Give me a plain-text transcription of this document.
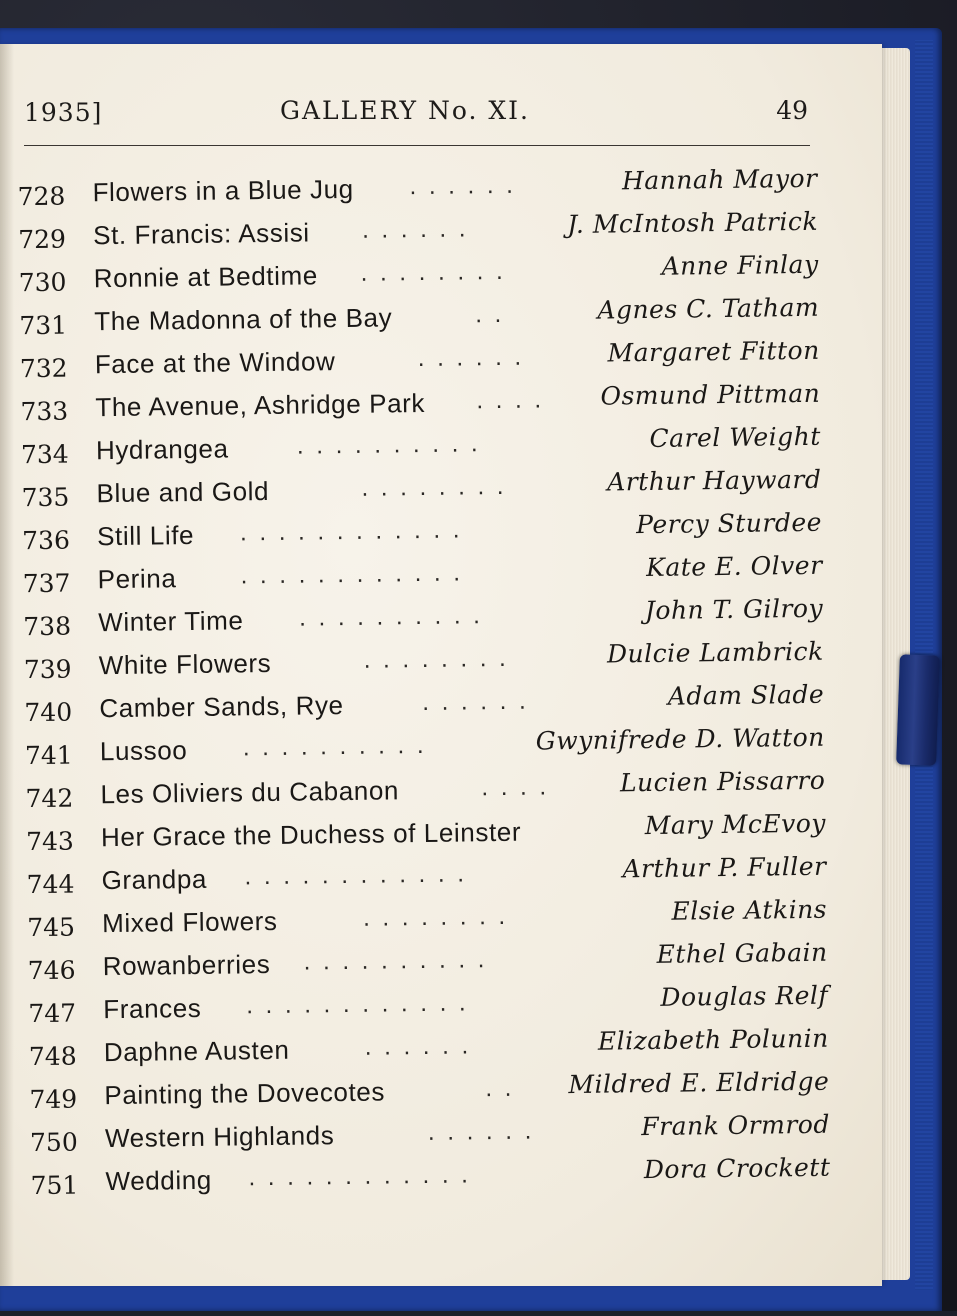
1935]	GALLERY No. XI.	49
728 Flowers in a Blue Jug . . . . . .	Hannah Mayor
729 St. Francis: Assisi . . . . . .	J. McIntosh Patrick
730 Ronnie at Bedtime . . . . . . . .	Anne Finlay
731 The Madonna of the Bay	. .	Agnes C. Tatham
732 Face at the Window	. . . . . .	Margaret Fitton
733 The Avenue, Ashridge Park . . . . Osmund Pittman
734 Hydrangea	. . . . . . . . . .	Carel Weight
735 Blue and Gold	. . . . . . . .	Arthur Hayward
736 Still Life . . . . . . . . . . . .	Percy Sturdee
737 Perina	. . . . . . . . . . . .	Kate E. Olver
738 Winter Time . . . . . . . . . .	John T. Gilroy
739 White Flowers	. . . . . . . .	Dulcie Lambrick
740 Camber Sands, Rye	. . . . . .	Adam Slade
741 Lussoo . . . . . . . . . .	Gwynifrede D. Watton
742 Les Oliviers du Cabanon	. . . .	Lucien Pissarro
743 Her Grace the Duchess of Leinster	Mary McEvoy
744 Grandpa . . . . . . . . . . . .	Arthur P. Fuller
745 Mixed Flowers	. . . . . . . .	Elsie Atkins
746 Rowanberries . . . . . . . . . .	Ethel Gabain
747 Frances . . . . . . . . . . . .	Douglas Relf
748 Daphne Austen	. . . . . .	Elizabeth Polunin
749 Painting the Dovecotes	. . Mildred E. Eldridge
750 Western Highlands	. . . . . .	Frank Ormrod
751 Wedding . . . . . . . . . . . .	Dora Crockett
